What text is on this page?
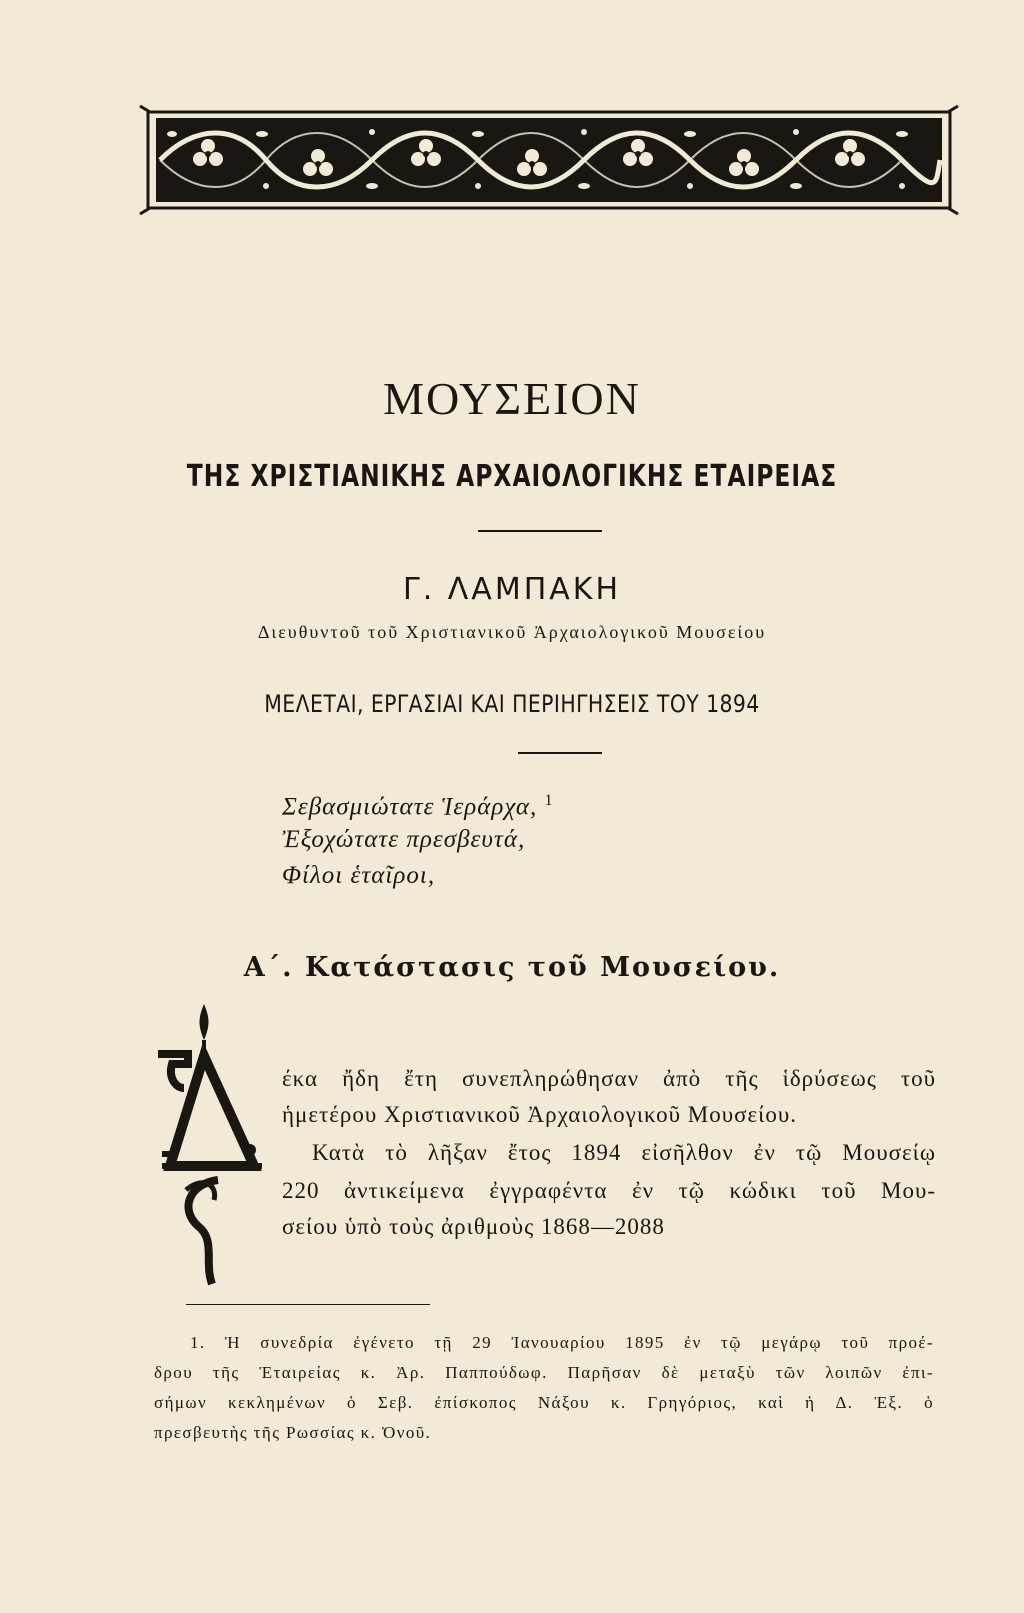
ΜΟΥΣΕΙΟΝ
ΤΗΣ ΧΡΙΣΤΙΑΝΙΚΗΣ ΑΡΧΑΙΟΛΟΓΙΚΗΣ ΕΤΑΙΡΕΙΑΣ
Γ. ΛΑΜΠΑΚΗ
Διευθυντοῦ τοῦ Χριστιανικοῦ Ἀρχαιολογικοῦ Μουσείου
ΜΕΛΕΤΑΙ, ΕΡΓΑΣΙΑΙ ΚΑΙ ΠΕΡΙΗΓΗΣΕΙΣ ΤΟΥ 1894
Σεβασμιώτατε Ἱεράρχα, $^1$
Ἐξοχώτατε πρεσβευτά,
Φίλοι ἑταῖροι,
Α΄. Κατάστασις τοῦ Μουσείου.
έκα ἤδη ἔτη συνεπληρώθησαν ἀπὸ τῆς ἱδρύσεως τοῦ
ἡμετέρου Χριστιανικοῦ Ἀρχαιολογικοῦ Μουσείου.
Κατὰ τὸ λῆξαν ἔτος 1894 εἰσῆλθον ἐν τῷ Μουσείῳ
220 ἀντικείμενα ἐγγραφέντα ἐν τῷ κώδικι τοῦ Μου-
σείου ὑπὸ τοὺς ἀριθμοὺς 1868—2088
1. Ἡ συνεδρία ἐγένετο τῇ 29 Ἰανουαρίου 1895 ἐν τῷ μεγάρῳ τοῦ προέ-
δρου τῆς Ἑταιρείας κ. Ἀρ. Παππούδωφ. Παρῆσαν δὲ μεταξὺ τῶν λοιπῶν ἐπι-
σήμων κεκλημένων ὁ Σεβ. ἐπίσκοπος Νάξου κ. Γρηγόριος, καὶ ἡ Δ. Ἐξ. ὁ
πρεσβευτὴς τῆς Ρωσσίας κ. Ὀνοῦ.
